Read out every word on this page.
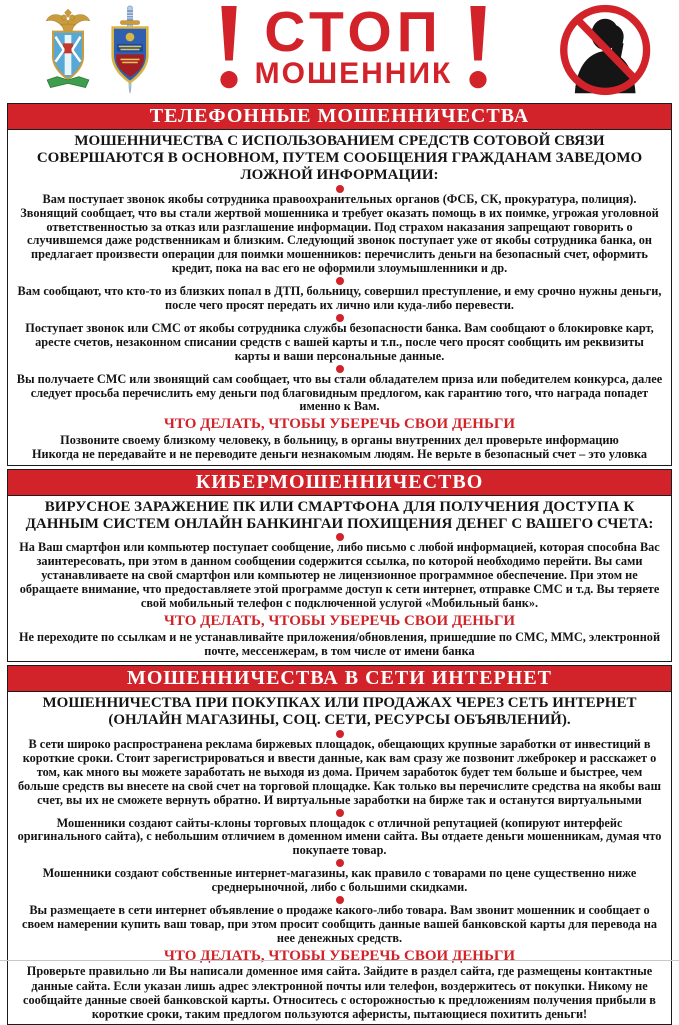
СТОП
МОШЕННИК
ТЕЛЕФОННЫЕ МОШЕННИЧЕСТВА
МОШЕННИЧЕСТВА С ИСПОЛЬЗОВАНИЕМ СРЕДСТВ СОТОВОЙ СВЯЗИ СОВЕРШАЮТСЯ В ОСНОВНОМ, ПУТЕМ СООБЩЕНИЯ ГРАЖДАНАМ ЗАВЕДОМО ЛОЖНОЙ ИНФОРМАЦИИ:

Вам поступает звонок якобы сотрудника правоохранительных органов (ФСБ, СК, прокуратура, полиция). Звонящий сообщает, что вы стали жертвой мошенника и требует оказать помощь в их поимке, угрожая уголовной ответственностью за отказ или разглашение информации. Под страхом наказания запрещают говорить о случившемся даже родственникам и близким. Следующий звонок поступает уже от якобы сотрудника банка, он предлагает произвести операции для поимки мошенников: перечислить деньги на безопасный счет, оформить кредит, пока на вас его не оформили злоумышленники и др.

Вам сообщают, что кто-то из близких попал в ДТП, больницу, совершил преступление, и ему срочно нужны деньги, после чего просят передать их лично или куда-либо перевести.

Поступает звонок или СМС от якобы сотрудника службы безопасности банка. Вам сообщают о блокировке карт, аресте счетов, незаконном списании средств с вашей карты и т.п., после чего просят сообщить им реквизиты карты и ваши персональные данные.

Вы получаете СМС или звонящий сам сообщает, что вы стали обладателем приза или победителем конкурса, далее следует просьба перечислить ему деньги под благовидным предлогом, как гарантию того, что награда попадет именно к Вам.

ЧТО ДЕЛАТЬ, ЧТОБЫ УБЕРЕЧЬ СВОИ ДЕНЬГИ

Позвоните своему близкому человеку, в больницу, в органы внутренних дел проверьте информацию

Никогда не передавайте и не переводите деньги незнакомым людям. Не верьте в безопасный счет – это уловка

КИБЕРМОШЕННИЧЕСТВО
ВИРУСНОЕ ЗАРАЖЕНИЕ ПК ИЛИ СМАРТФОНА ДЛЯ ПОЛУЧЕНИЯ ДОСТУПА К ДАННЫМ СИСТЕМ ОНЛАЙН БАНКИНГАИ ПОХИЩЕНИЯ ДЕНЕГ С ВАШЕГО СЧЕТА:

На Ваш смартфон или компьютер поступает сообщение, либо письмо с любой информацией, которая способна Вас заинтересовать, при этом в данном сообщении содержится ссылка, по которой необходимо перейти. Вы сами устанавливаете на свой смартфон или компьютер не лицензионное программное обеспечение. При этом не обращаете внимание, что предоставляете этой программе доступ к сети интернет, отправке СМС и т.д. Вы теряете свой мобильный телефон с подключенной услугой «Мобильный банк».

ЧТО ДЕЛАТЬ, ЧТОБЫ УБЕРЕЧЬ СВОИ ДЕНЬГИ

Не переходите по ссылкам и не устанавливайте приложения/обновления, пришедшие по СМС, ММС, электронной почте, мессенжерам, в том числе от имени банка

МОШЕННИЧЕСТВА В СЕТИ ИНТЕРНЕТ
МОШЕННИЧЕСТВА ПРИ ПОКУПКАХ ИЛИ ПРОДАЖАХ ЧЕРЕЗ СЕТЬ ИНТЕРНЕТ (ОНЛАЙН МАГАЗИНЫ, СОЦ. СЕТИ, РЕСУРСЫ ОБЪЯВЛЕНИЙ).

В сети широко распространена реклама биржевых площадок, обещающих крупные заработки от инвестиций в короткие сроки. Стоит зарегистрироваться и ввести данные, как вам сразу же позвонит лжеброкер и расскажет о том, как много вы можете заработать не выходя из дома. Причем заработок будет тем больше и быстрее, чем больше средств вы внесете на свой счет на торговой площадке. Как только вы перечислите средства на якобы ваш счет, вы их не сможете вернуть обратно. И виртуальные заработки на бирже так и останутся виртуальными

Мошенники создают сайты-клоны торговых площадок с отличной репутацией (копируют интерфейс оригинального сайта), с небольшим отличием в доменном имени сайта. Вы отдаете деньги мошенникам, думая что покупаете товар.

Мошенники создают собственные интернет-магазины, как правило с товарами по цене существенно ниже среднерыночной, либо с большими скидками.

Вы размещаете в сети интернет объявление о продаже какого-либо товара. Вам звонит мошенник и сообщает о своем намерении купить ваш товар, при этом просит сообщить данные вашей банковской карты для перевода на нее денежных средств.

ЧТО ДЕЛАТЬ, ЧТОБЫ УБЕРЕЧЬ СВОИ ДЕНЬГИ

Проверьте правильно ли Вы написали доменное имя сайта. Зайдите в раздел сайта, где размещены контактные данные сайта. Если указан лишь адрес электронной почты или телефон, воздержитесь от покупки. Никому не сообщайте данные своей банковской карты. Относитесь с осторожностью к предложениям получения прибыли в короткие сроки, таким предлогом пользуются аферисты, пытающиеся похитить деньги!
